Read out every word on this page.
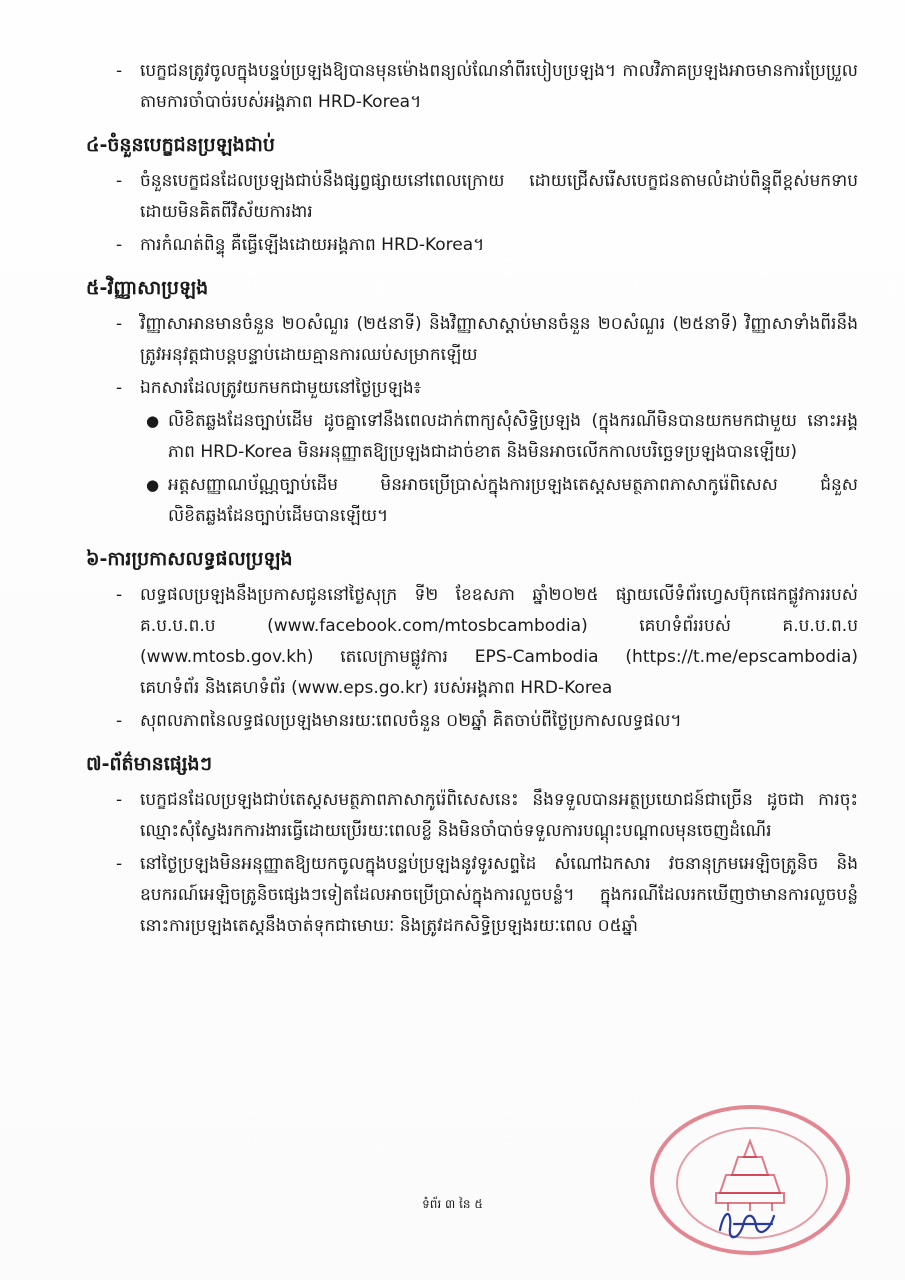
- បេក្ខជនត្រូវចូលក្នុងបន្ទប់ប្រឡងឱ្យបានមុនម៉ោងពន្យល់ណែនាំពីរបៀបប្រឡង។ កាលវិភាគប្រឡងអាចមានការប្រែប្រួលតាមការចាំបាច់របស់អង្គភាព HRD-Korea។
៤-ចំនួនបេក្ខជនប្រឡងជាប់
- ចំនួនបេក្ខជនដែលប្រឡងជាប់នឹងផ្សព្វផ្សាយនៅពេលក្រោយ ដោយជ្រើសរើសបេក្ខជនតាមលំដាប់ពិន្ទុពីខ្ពស់មកទាបដោយមិនគិតពីវិស័យការងារ
- ការកំណត់ពិន្ទុ គឺធ្វើឡើងដោយអង្គភាព HRD-Korea។
៥-វិញ្ញាសាប្រឡង
- វិញ្ញាសាអានមានចំនួន ២០សំណួរ (២៥នាទី) និងវិញ្ញាសាស្តាប់មានចំនួន ២០សំណួរ (២៥នាទី) វិញ្ញាសាទាំងពីរនឹងត្រូវអនុវត្តជាបន្តបន្ទាប់ដោយគ្មានការឈប់សម្រាកឡើយ
- ឯកសារដែលត្រូវយកមកជាមួយនៅថ្ងៃប្រឡង៖
● លិខិតឆ្លងដែនច្បាប់ដើម ដូចគ្នាទៅនឹងពេលដាក់ពាក្យសុំសិទ្ធិប្រឡង (ក្នុងករណីមិនបានយកមកជាមួយ នោះអង្គភាព HRD-Korea មិនអនុញ្ញាតឱ្យប្រឡងជាដាច់ខាត និងមិនអាចលើកកាលបរិច្ឆេទប្រឡងបានឡើយ)
● អត្តសញ្ញាណប័ណ្ណច្បាប់ដើម មិនអាចប្រើប្រាស់ក្នុងការប្រឡងតេស្តសមត្ថភាពភាសាកូរ៉េពិសេស ជំនួសលិខិតឆ្លងដែនច្បាប់ដើមបានឡើយ។
៦-ការប្រកាសលទ្ធផលប្រឡង
- លទ្ធផលប្រឡងនឹងប្រកាសជូននៅថ្ងៃសុក្រ ទី២ ខែឧសភា ឆ្នាំ២០២៥ ផ្សាយលើទំព័រហ្វេសប៊ុកផេកផ្លូវការរបស់ គ.ប.ប.ព.ប (www.facebook.com/mtosbcambodia) គេហទំព័ររបស់ គ.ប.ប.ព.ប (www.mtosb.gov.kh) តេលេក្រាមផ្លូវការ EPS-Cambodia (https://t.me/epscambodia) គេហទំព័រ និងគេហទំព័រ (www.eps.go.kr) របស់អង្គភាព HRD-Korea
- សុពលភាពនៃលទ្ធផលប្រឡងមានរយៈពេលចំនួន ០២ឆ្នាំ គិតចាប់ពីថ្ងៃប្រកាសលទ្ធផល។
៧-ព័ត៌មានផ្សេងៗ
- បេក្ខជនដែលប្រឡងជាប់តេស្តសមត្ថភាពភាសាកូរ៉េពិសេសនេះ នឹងទទួលបានអត្ថប្រយោជន៍ជាច្រើន ដូចជា ការចុះឈ្មោះសុំស្វែងរកការងារធ្វើដោយប្រើរយៈពេលខ្លី និងមិនចាំបាច់ទទួលការបណ្តុះបណ្តាលមុនចេញដំណើរ
- នៅថ្ងៃប្រឡងមិនអនុញ្ញាតឱ្យយកចូលក្នុងបន្ទប់ប្រឡងនូវទូរសព្ទដៃ សំណៅឯកសារ វចនានុក្រមអេឡិចត្រូនិច និងឧបករណ៍អេឡិចត្រូនិចផ្សេងៗទៀតដែលអាចប្រើប្រាស់ក្នុងការលួចបន្លំ។ ក្នុងករណីដែលរកឃើញថាមានការលួចបន្លំ នោះការប្រឡងតេស្តនឹងចាត់ទុកជាមោឃៈ និងត្រូវដកសិទ្ធិប្រឡងរយៈពេល ០៥ឆ្នាំ
ទំព័រ ៣ នៃ ៥
